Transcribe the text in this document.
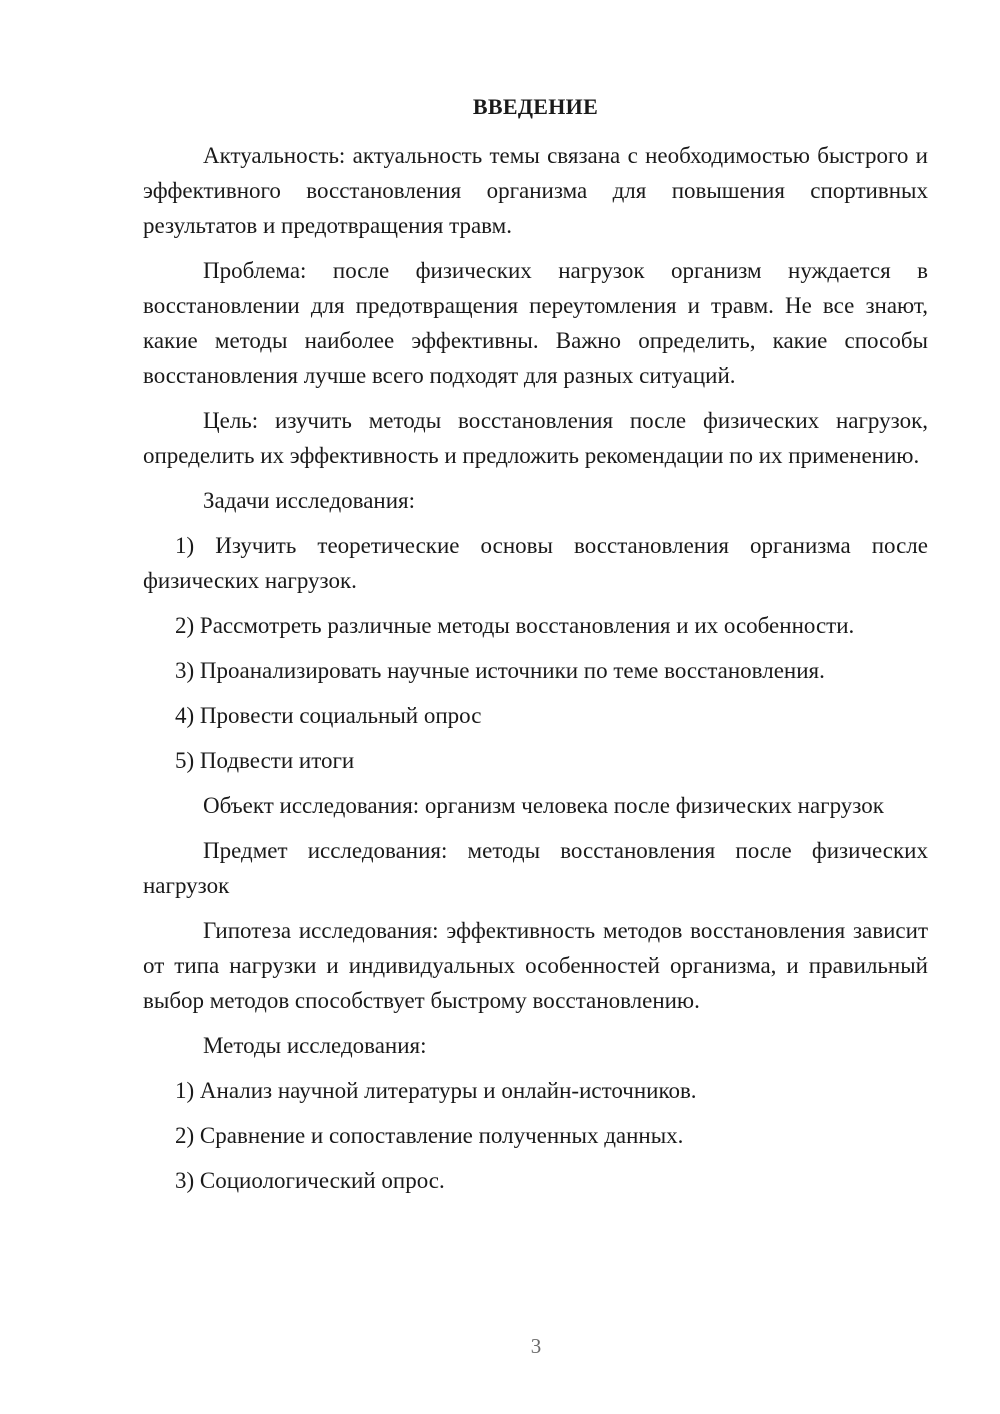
ВВЕДЕНИЕ

Актуальность: актуальность темы связана с необходимостью быстрого и эффективного восстановления организма для повышения спортивных результатов и предотвращения травм.

Проблема: после физических нагрузок организм нуждается в восстановлении для предотвращения переутомления и травм. Не все знают, какие методы наиболее эффективны. Важно определить, какие способы восстановления лучше всего подходят для разных ситуаций.

Цель: изучить методы восстановления после физических нагрузок, определить их эффективность и предложить рекомендации по их применению.

Задачи исследования:

1) Изучить теоретические основы восстановления организма после физических нагрузок.

2) Рассмотреть различные методы восстановления и их особенности.

3) Проанализировать научные источники по теме восстановления.

4) Провести социальный опрос

5) Подвести итоги

Объект исследования: организм человека после физических нагрузок

Предмет исследования: методы восстановления после физических нагрузок

Гипотеза исследования: эффективность методов восстановления зависит от типа нагрузки и индивидуальных особенностей организма, и правильный выбор методов способствует быстрому восстановлению.

Методы исследования:

1) Анализ научной литературы и онлайн-источников.

2) Сравнение и сопоставление полученных данных.

3) Социологический опрос.

3
